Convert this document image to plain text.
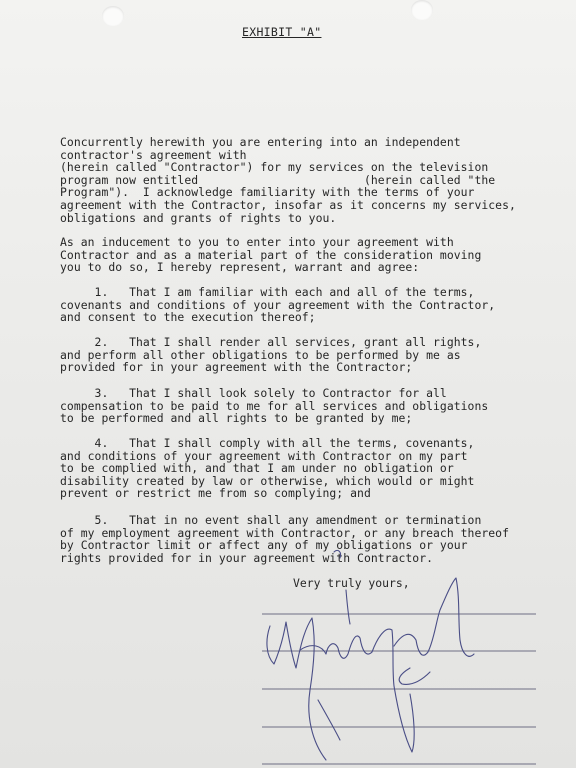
EXHIBIT "A"

Concurrently herewith you are entering into an independent
contractor's agreement with
(herein called "Contractor") for my services on the television
program now entitled                        (herein called "the
Program").  I acknowledge familiarity with the terms of your
agreement with the Contractor, insofar as it concerns my services,
obligations and grants of rights to you.

As an inducement to you to enter into your agreement with
Contractor and as a material part of the consideration moving
you to do so, I hereby represent, warrant and agree:

1.   That I am familiar with each and all of the terms,
covenants and conditions of your agreement with the Contractor,
and consent to the execution thereof;

2.   That I shall render all services, grant all rights,
and perform all other obligations to be performed by me as
provided for in your agreement with the Contractor;

3.   That I shall look solely to Contractor for all
compensation to be paid to me for all services and obligations
to be performed and all rights to be granted by me;

4.   That I shall comply with all the terms, covenants,
and conditions of your agreement with Contractor on my part
to be complied with, and that I am under no obligation or
disability created by law or otherwise, which would or might
prevent or restrict me from so complying; and

5.   That in no event shall any amendment or termination
of my employment agreement with Contractor, or any breach thereof
by Contractor limit or affect any of my obligations or your
rights provided for in your agreement with Contractor.

Very truly yours,
